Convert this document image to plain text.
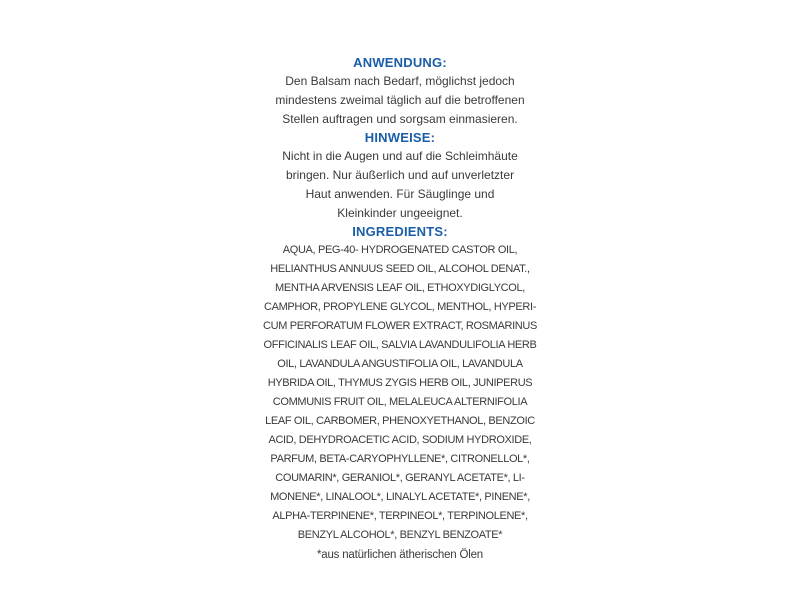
ANWENDUNG:

Den Balsam nach Bedarf, möglichst jedoch
mindestens zweimal täglich auf die betroffenen
Stellen auftragen und sorgsam einmasieren.

HINWEISE:

Nicht in die Augen und auf die Schleimhäute
bringen. Nur äußerlich und auf unverletzter
Haut anwenden. Für Säuglinge und
Kleinkinder ungeeignet.

INGREDIENTS:

AQUA, PEG-40- HYDROGENATED CASTOR OIL,
HELIANTHUS ANNUUS SEED OIL, ALCOHOL DENAT.,
MENTHA ARVENSIS LEAF OIL, ETHOXYDIGLYCOL,
CAMPHOR, PROPYLENE GLYCOL, MENTHOL, HYPERI-
CUM PERFORATUM FLOWER EXTRACT, ROSMARINUS
OFFICINALIS LEAF OIL, SALVIA LAVANDULIFOLIA HERB
OIL, LAVANDULA ANGUSTIFOLIA OIL, LAVANDULA
HYBRIDA OIL, THYMUS ZYGIS HERB OIL, JUNIPERUS
COMMUNIS FRUIT OIL, MELALEUCA ALTERNIFOLIA
LEAF OIL, CARBOMER, PHENOXYETHANOL, BENZOIC
ACID, DEHYDROACETIC ACID, SODIUM HYDROXIDE,
PARFUM, BETA-CARYOPHYLLENE*, CITRONELLOL*,
COUMARIN*, GERANIOL*, GERANYL ACETATE*, LI-
MONENE*, LINALOOL*, LINALYL ACETATE*, PINENE*,
ALPHA-TERPINENE*, TERPINEOL*, TERPINOLENE*,
BENZYL ALCOHOL*, BENZYL BENZOATE*

*aus natürlichen ätherischen Ölen
